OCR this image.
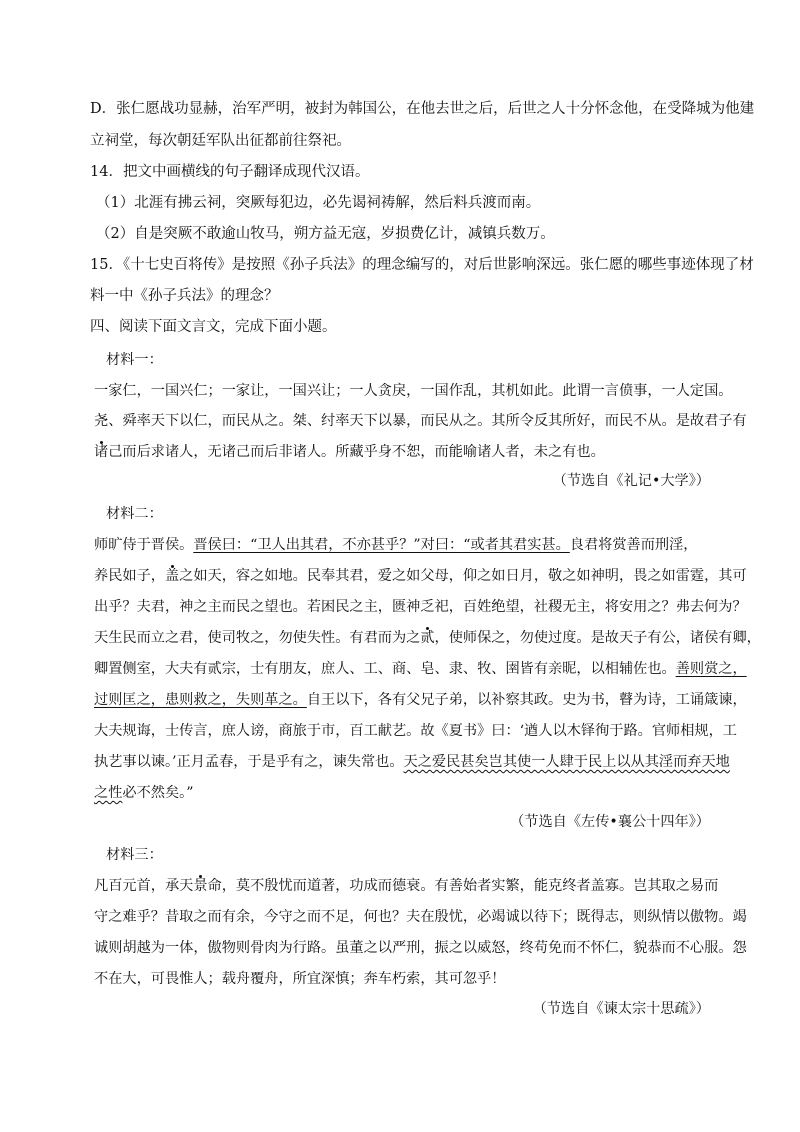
D．张仁愿战功显赫，治军严明，被封为韩国公，在他去世之后，后世之人十分怀念他，在受降城为他建
立祠堂，每次朝廷军队出征都前往祭祀。
14．把文中画横线的句子翻译成现代汉语。
（1）北涯有拂云祠，突厥每犯边，必先谒祠祷解，然后料兵渡而南。
（2）自是突厥不敢逾山牧马，朔方益无寇，岁损费亿计，减镇兵数万。
15．《十七史百将传》是按照《孙子兵法》的理念编写的，对后世影响深远。张仁愿的哪些事迹体现了材
料一中《孙子兵法》的理念？
四、阅读下面文言文，完成下面小题。
材料一：
一家仁，一国兴仁；一家让，一国兴让；一人贪戾，一国作乱，其机如此。此谓一言偾事，一人定国。
尧、舜率天下以仁，而民从之。桀、纣率天下以暴，而民从之。其所令反其所好，而民不从。是故君子有
诸己而后求诸人，无诸己而后非诸人。所藏乎身不恕，而能喻诸人者，未之有也。
（节选自《礼记•大学》）
材料二：
师旷侍于晋侯。晋侯曰：“卫人出其君，不亦甚乎？”对曰：“或者其君实甚。良君将赏善而刑淫，
养民如子，盖之如天，容之如地。民奉其君，爱之如父母，仰之如日月，敬之如神明，畏之如雷霆，其可
出乎？夫君，神之主而民之望也。若困民之主，匮神乏祀，百姓绝望，社稷无主，将安用之？弗去何为？
天生民而立之君，使司牧之，勿使失性。有君而为之贰，使师保之，勿使过度。是故天子有公，诸侯有卿，
卿置侧室，大夫有贰宗，士有朋友，庶人、工、商、皂、隶、牧、圉皆有亲昵，以相辅佐也。善则赏之，
过则匡之，患则救之，失则革之。自王以下，各有父兄子弟，以补察其政。史为书，瞽为诗，工诵箴谏，
大夫规诲，士传言，庶人谤，商旅于市，百工献艺。故《夏书》曰：‘遒人以木铎徇于路。官师相规，工
执艺事以谏。’正月孟春，于是乎有之，谏失常也。天之爱民甚矣岂其使一人肆于民上以从其淫而弃天地
之性必不然矣。”
（节选自《左传•襄公十四年》）
材料三：
凡百元首，承天景命，莫不殷忧而道著，功成而德衰。有善始者实繁，能克终者盖寡。岂其取之易而
守之难乎？昔取之而有余，今守之而不足，何也？夫在殷忧，必竭诚以待下；既得志，则纵情以傲物。竭
诚则胡越为一体，傲物则骨肉为行路。虽董之以严刑，振之以威怒，终苟免而不怀仁，貌恭而不心服。怨
不在大，可畏惟人；载舟覆舟，所宜深慎；奔车朽索，其可忽乎！
（节选自《谏太宗十思疏》）
